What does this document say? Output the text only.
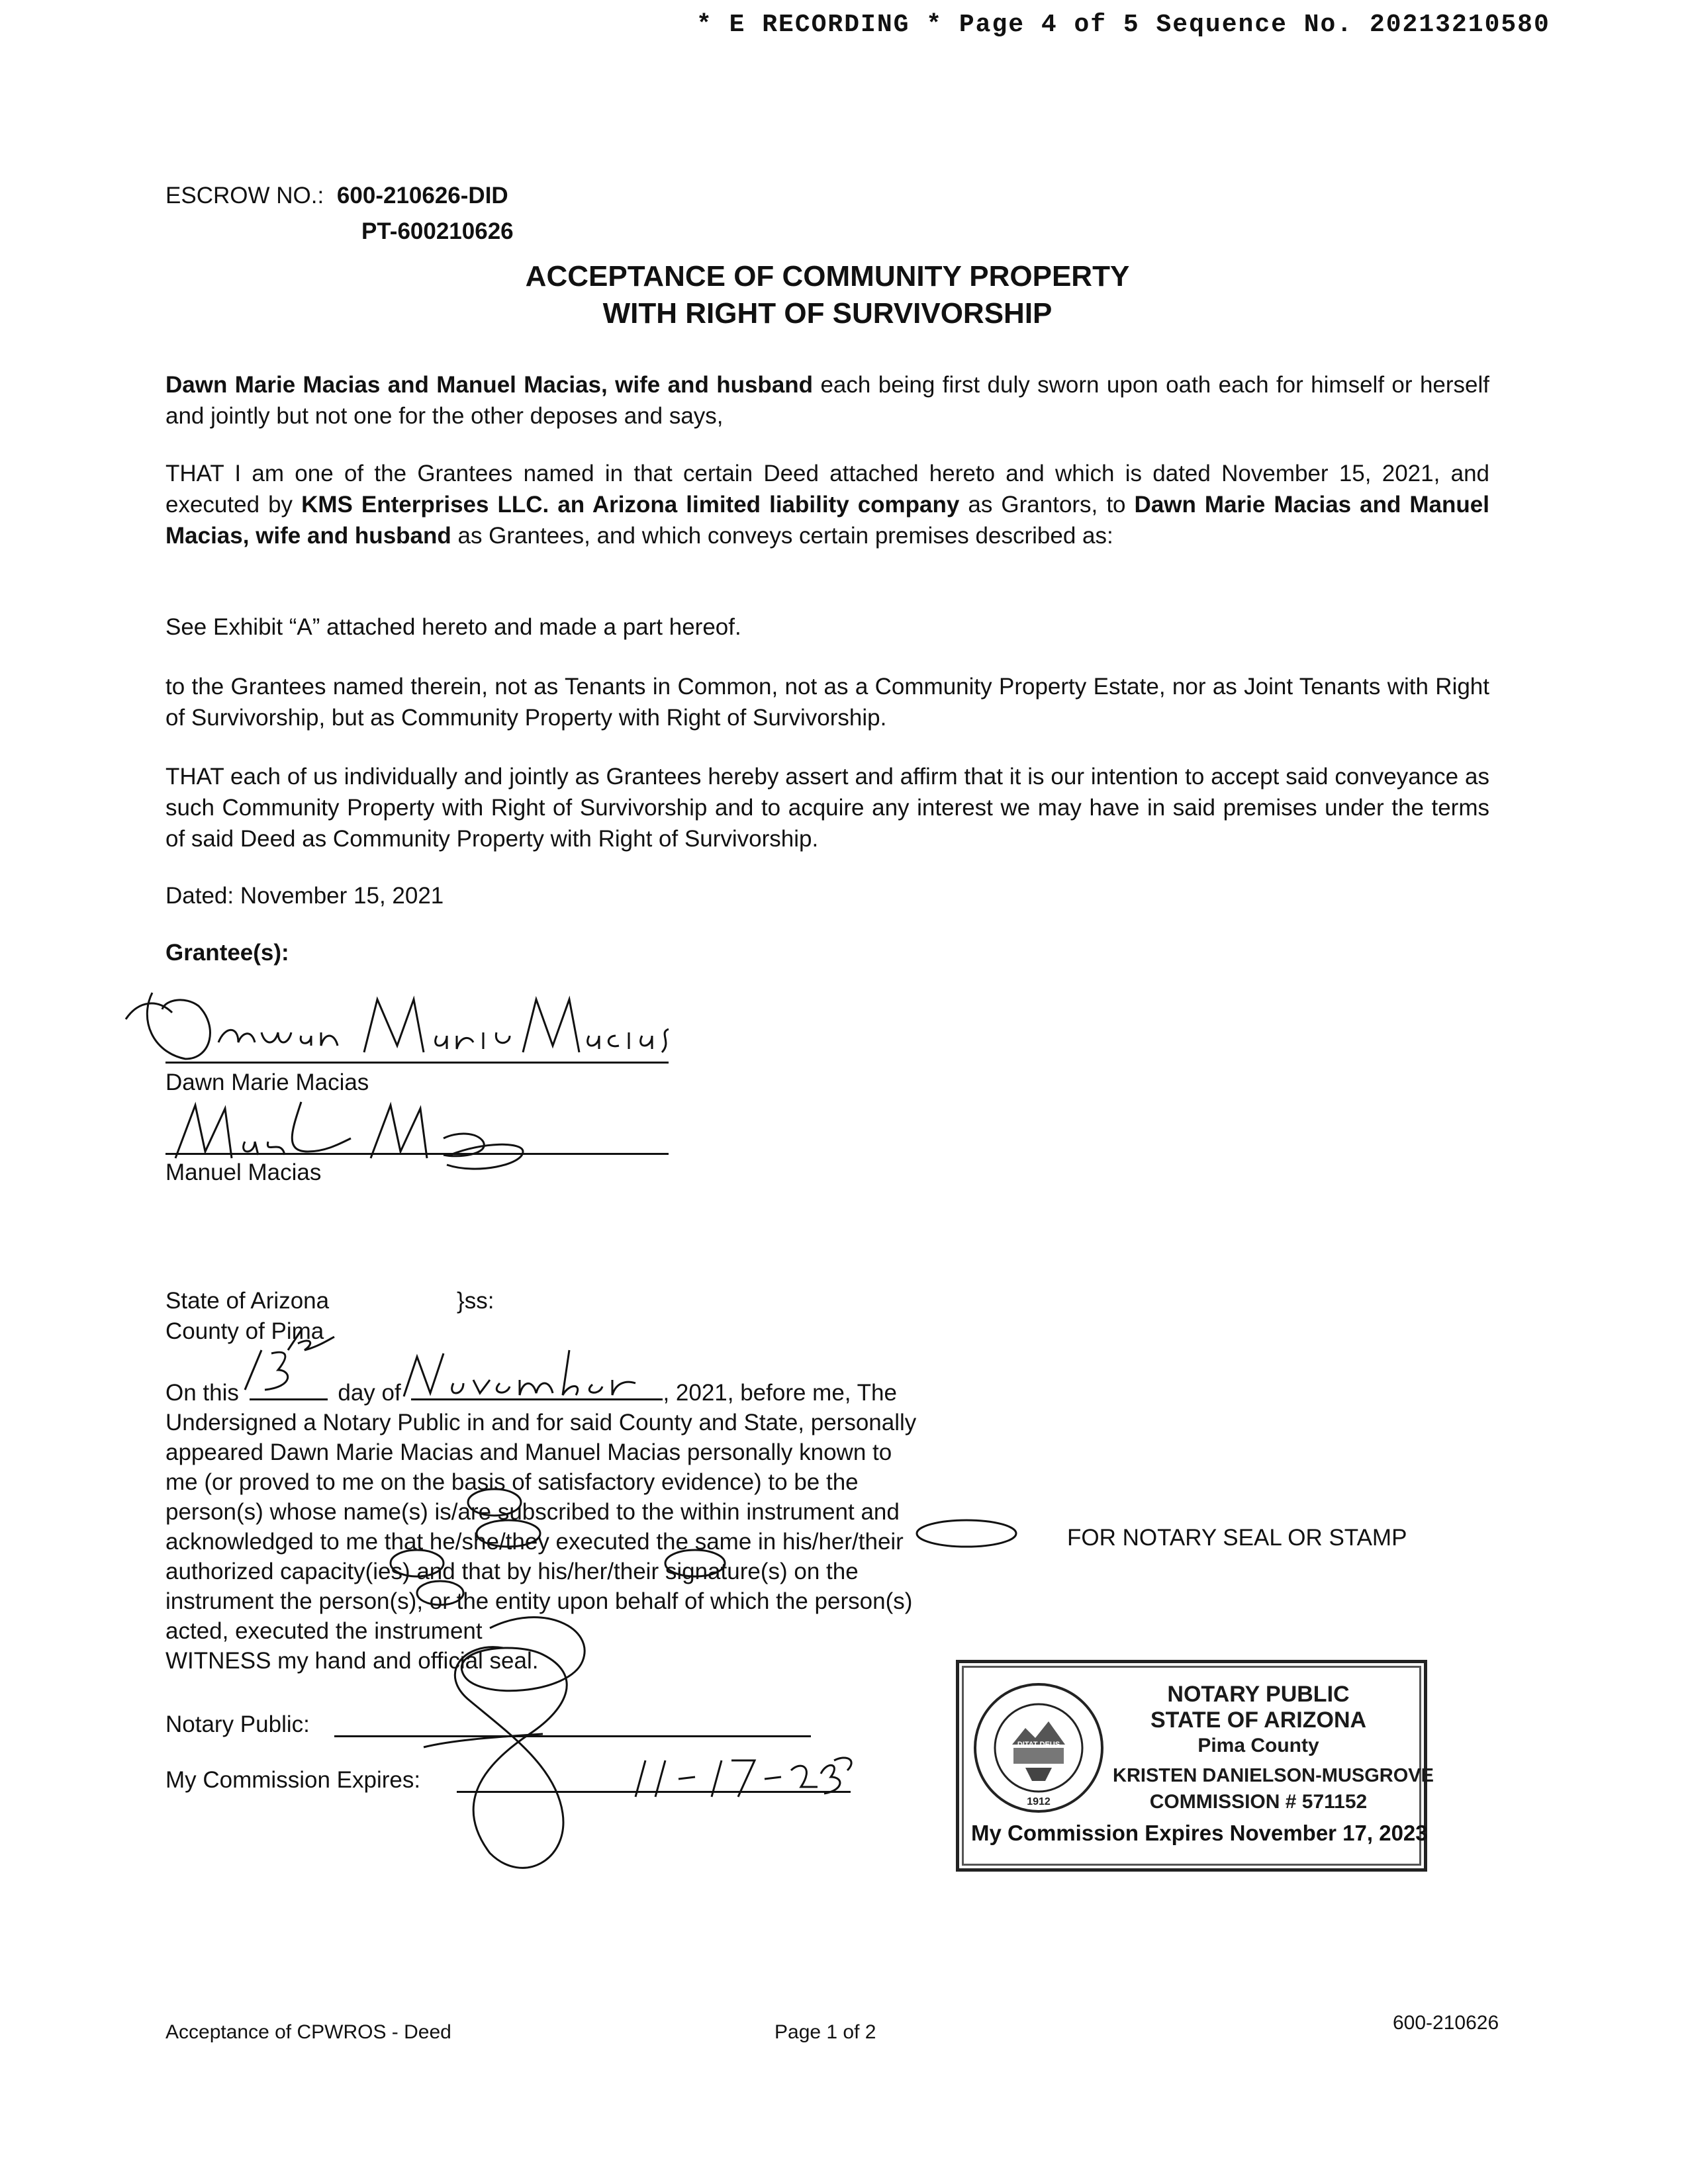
* E RECORDING * Page 4 of 5 Sequence No. 20213210580
ESCROW NO.: 600-210626-DID
PT-600210626
ACCEPTANCE OF COMMUNITY PROPERTY
WITH RIGHT OF SURVIVORSHIP
Dawn Marie Macias and Manuel Macias, wife and husband each being first duly sworn upon oath each for himself or herself and jointly but not one for the other deposes and says,
THAT I am one of the Grantees named in that certain Deed attached hereto and which is dated November 15, 2021, and executed by KMS Enterprises LLC. an Arizona limited liability company as Grantors, to Dawn Marie Macias and Manuel Macias, wife and husband as Grantees, and which conveys certain premises described as:
See Exhibit “A” attached hereto and made a part hereof.
to the Grantees named therein, not as Tenants in Common, not as a Community Property Estate, nor as Joint Tenants with Right of Survivorship, but as Community Property with Right of Survivorship.
THAT each of us individually and jointly as Grantees hereby assert and affirm that it is our intention to accept said conveyance as such Community Property with Right of Survivorship and to acquire any interest we may have in said premises under the terms of said Deed as Community Property with Right of Survivorship.
Dated: November 15, 2021
Grantee(s):
Dawn Marie Macias
Manuel Macias
State of Arizona	}ss:
County of Pima
On this	day of	, 2021, before me, The
Undersigned a Notary Public in and for said County and State, personally
appeared Dawn Marie Macias and Manuel Macias personally known to
me (or proved to me on the basis of satisfactory evidence) to be the
person(s) whose name(s) is/are subscribed to the within instrument and
acknowledged to me that he/she/they executed the same in his/her/their
authorized capacity(ies) and that by his/her/their signature(s) on the
instrument the person(s), or the entity upon behalf of which the person(s)
acted, executed the instrument
WITNESS my hand and official seal.
Notary Public:
My Commission Expires:
FOR NOTARY SEAL OR STAMP
DITAT DEUS
1912
NOTARY PUBLIC
STATE OF ARIZONA
Pima County
KRISTEN DANIELSON-MUSGROVE
COMMISSION # 571152
My Commission Expires November 17, 2023
Acceptance of CPWROS - Deed	Page 1 of 2	600-210626
